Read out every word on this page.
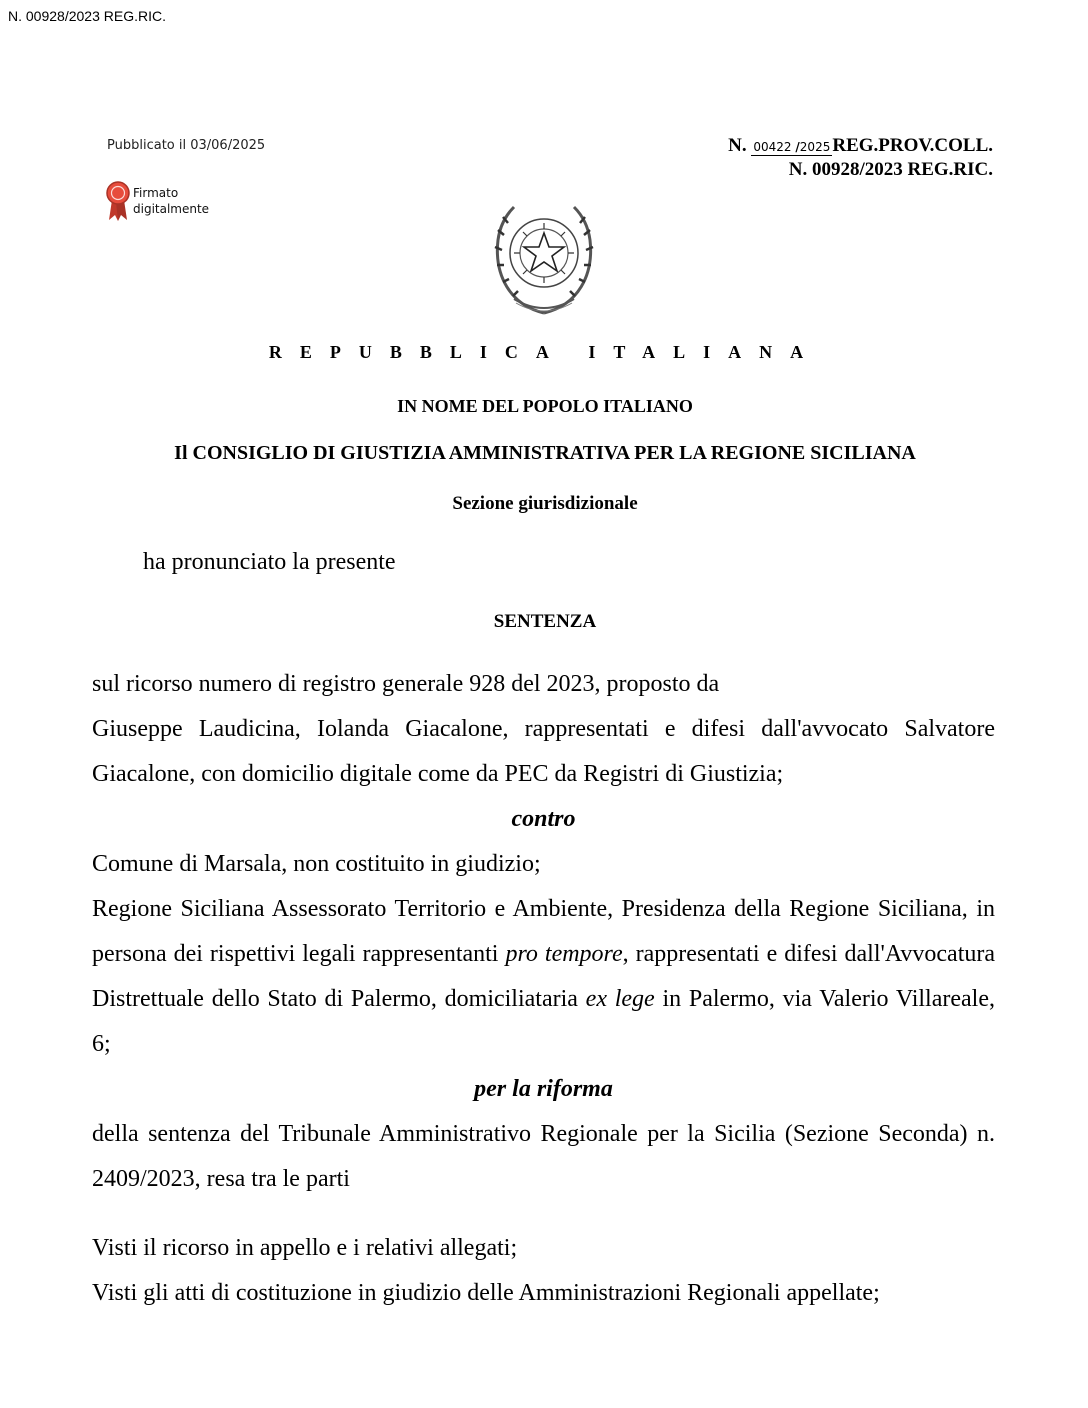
N. 00928/2023 REG.RIC.
Pubblicato il 03/06/2025	N. 00422 /2025 REG.PROV.COLL.
N. 00928/2023 REG.RIC.
Firmato
digitalmente
REPUBBLICA ITALIANA
IN NOME DEL POPOLO ITALIANO
Il CONSIGLIO DI GIUSTIZIA AMMINISTRATIVA PER LA REGIONE SICILIANA
Sezione giurisdizionale
ha pronunciato la presente
SENTENZA

sul ricorso numero di registro generale 928 del 2023, proposto da

Giuseppe Laudicina, Iolanda Giacalone, rappresentati e difesi dall'avvocato Salvatore Giacalone, con domicilio digitale come da PEC da Registri di Giustizia;

contro

Comune di Marsala, non costituito in giudizio;

Regione Siciliana Assessorato Territorio e Ambiente, Presidenza della Regione Siciliana, in persona dei rispettivi legali rappresentanti pro tempore, rappresentati e difesi dall'Avvocatura Distrettuale dello Stato di Palermo, domiciliataria ex lege in Palermo, via Valerio Villareale, 6;

per la riforma

della sentenza del Tribunale Amministrativo Regionale per la Sicilia (Sezione Seconda) n. 2409/2023, resa tra le parti

Visti il ricorso in appello e i relativi allegati;

Visti gli atti di costituzione in giudizio delle Amministrazioni Regionali appellate;
